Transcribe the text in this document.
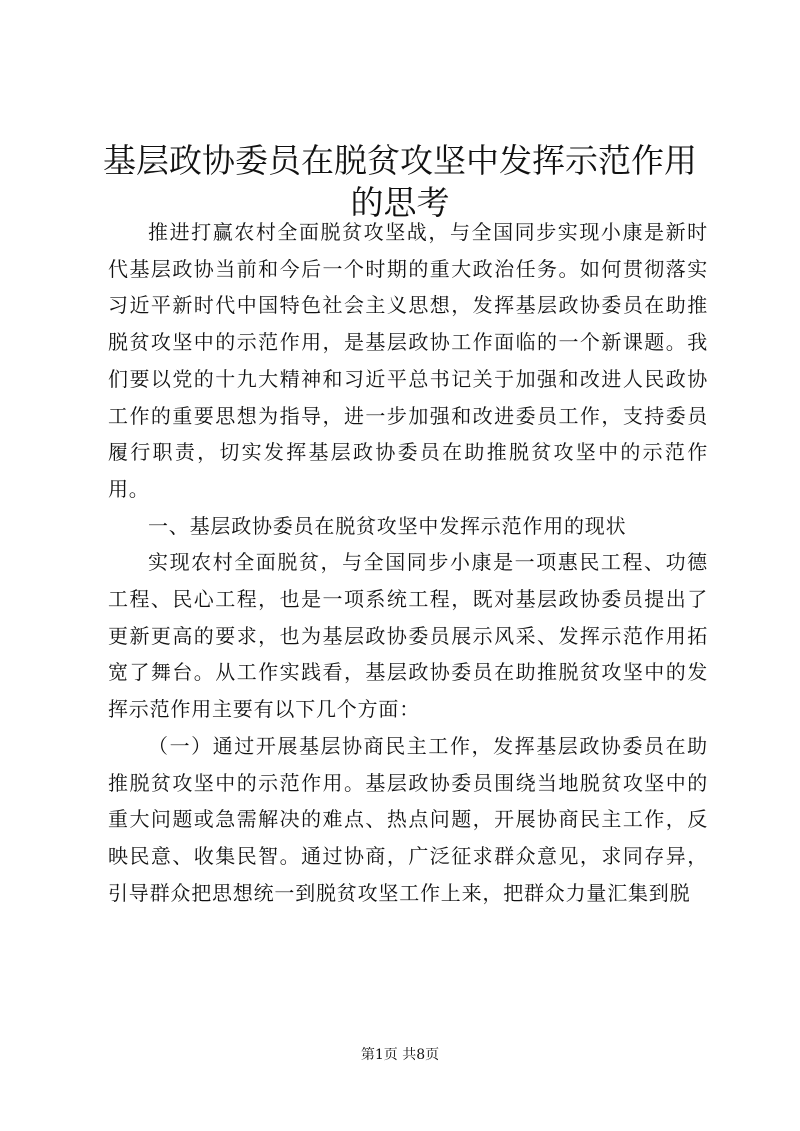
基层政协委员在脱贫攻坚中发挥示范作用的思考

推进打赢农村全面脱贫攻坚战，与全国同步实现小康是新时代基层政协当前和今后一个时期的重大政治任务。如何贯彻落实习近平新时代中国特色社会主义思想，发挥基层政协委员在助推脱贫攻坚中的示范作用，是基层政协工作面临的一个新课题。我们要以党的十九大精神和习近平总书记关于加强和改进人民政协工作的重要思想为指导，进一步加强和改进委员工作，支持委员履行职责，切实发挥基层政协委员在助推脱贫攻坚中的示范作用。

一、基层政协委员在脱贫攻坚中发挥示范作用的现状

实现农村全面脱贫，与全国同步小康是一项惠民工程、功德工程、民心工程，也是一项系统工程，既对基层政协委员提出了更新更高的要求，也为基层政协委员展示风采、发挥示范作用拓宽了舞台。从工作实践看，基层政协委员在助推脱贫攻坚中的发挥示范作用主要有以下几个方面：

（一）通过开展基层协商民主工作，发挥基层政协委员在助推脱贫攻坚中的示范作用。基层政协委员围绕当地脱贫攻坚中的重大问题或急需解决的难点、热点问题，开展协商民主工作，反映民意、收集民智。通过协商，广泛征求群众意见，求同存异，引导群众把思想统一到脱贫攻坚工作上来，把群众力量汇集到脱

第1页 共8页
